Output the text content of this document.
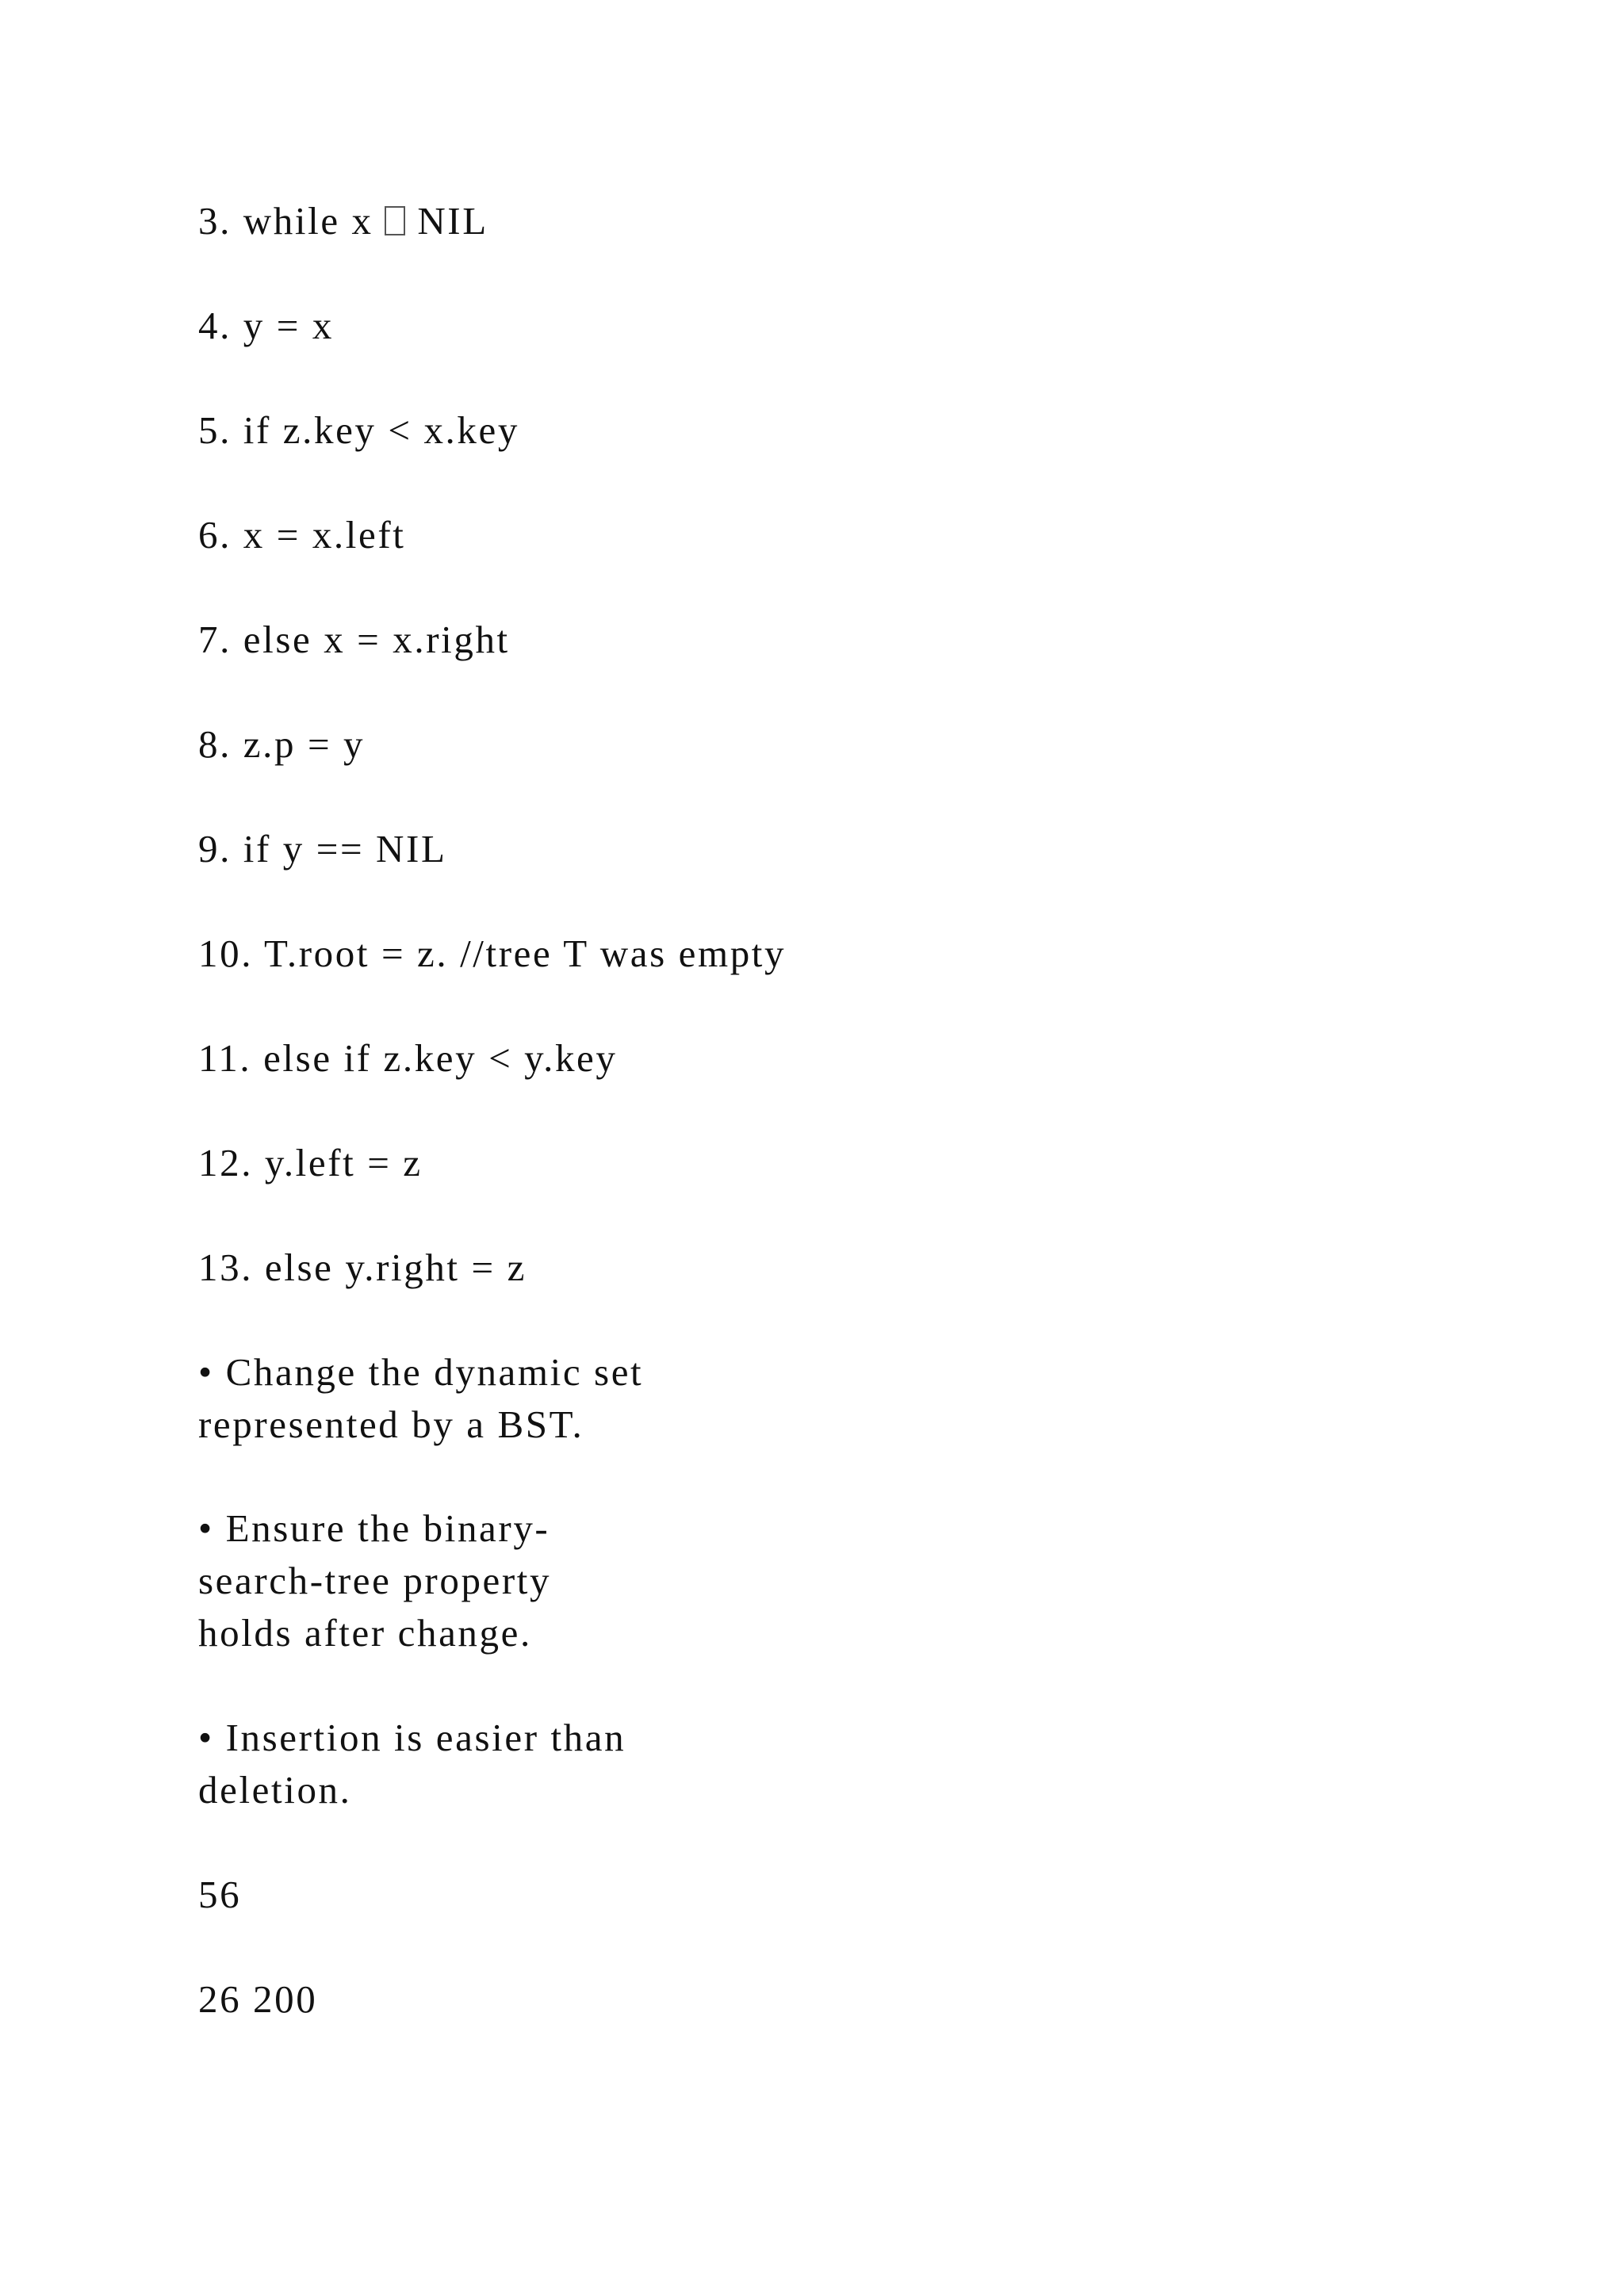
3. while x  NIL
4. y = x
5. if z.key < x.key
6. x = x.left
7. else x = x.right
8. z.p = y
9. if y == NIL
10. T.root = z. //tree T was empty
11. else if z.key < y.key
12. y.left = z
13. else y.right = z
• Change the dynamic set
represented by a BST.
• Ensure the binary-
search-tree property
holds after change.
• Insertion is easier than
deletion.
56
26 200
